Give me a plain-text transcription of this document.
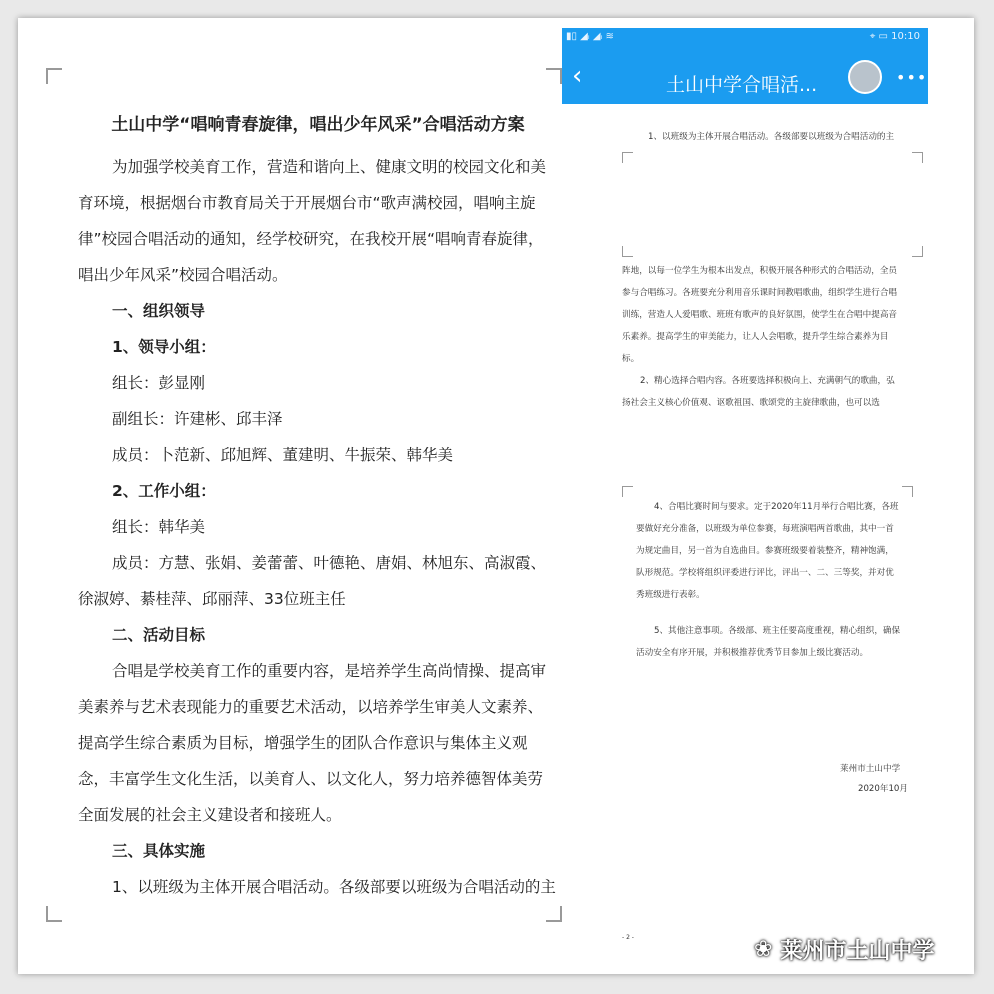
土山中学“唱响青春旋律，唱出少年风采”合唱活动方案

为加强学校美育工作，营造和谐向上、健康文明的校园文化和美育环境，根据烟台市教育局关于开展烟台市“歌声满校园，唱响主旋律”校园合唱活动的通知，经学校研究，在我校开展“唱响青春旋律，唱出少年风采”校园合唱活动。

一、组织领导

1、领导小组：

组长：彭显刚

副组长：许建彬、邱丰泽

成员：卜范新、邱旭辉、董建明、牛振荣、韩华美

2、工作小组：

组长：韩华美

成员：方慧、张娟、姜蕾蕾、叶德艳、唐娟、林旭东、高淑霞、徐淑婷、綦桂萍、邱丽萍、33位班主任

二、活动目标

合唱是学校美育工作的重要内容，是培养学生高尚情操、提高审美素养与艺术表现能力的重要艺术活动，以培养学生审美人文素养、提高学生综合素质为目标，增强学生的团队合作意识与集体主义观念，丰富学生文化生活，以美育人、以文化人，努力培养德智体美劳全面发展的社会主义建设者和接班人。

三、具体实施

1、以班级为主体开展合唱活动。各级部要以班级为合唱活动的主

▮▯ ◢ᵢ ◢ᵢ ≋	⌖ ▭ 10:10
‹	土山中学合唱活...	•••

1、以班级为主体开展合唱活动。各级部要以班级为合唱活动的主

阵地，以每一位学生为根本出发点，积极开展各种形式的合唱活动，全员参与合唱练习。各班要充分利用音乐课时间教唱歌曲，组织学生进行合唱训练，营造人人爱唱歌、班班有歌声的良好氛围，使学生在合唱中提高音乐素养。提高学生的审美能力，让人人会唱歌，提升学生综合素养为目标。

2、精心选择合唱内容。各班要选择积极向上、充满朝气的歌曲，弘扬社会主义核心价值观、讴歌祖国、歌颂党的主旋律歌曲，也可以选

4、合唱比赛时间与要求。定于2020年11月举行合唱比赛，各班要做好充分准备，以班级为单位参赛，每班演唱两首歌曲，其中一首为规定曲目，另一首为自选曲目。参赛班级要着装整齐，精神饱满，队形规范。学校将组织评委进行评比，评出一、二、三等奖，并对优秀班级进行表彰。

5、其他注意事项。各级部、班主任要高度重视，精心组织，确保活动安全有序开展，并积极推荐优秀节目参加上级比赛活动。

莱州市土山中学
2020年10月
- 2 -	❀ 莱州市土山中学
